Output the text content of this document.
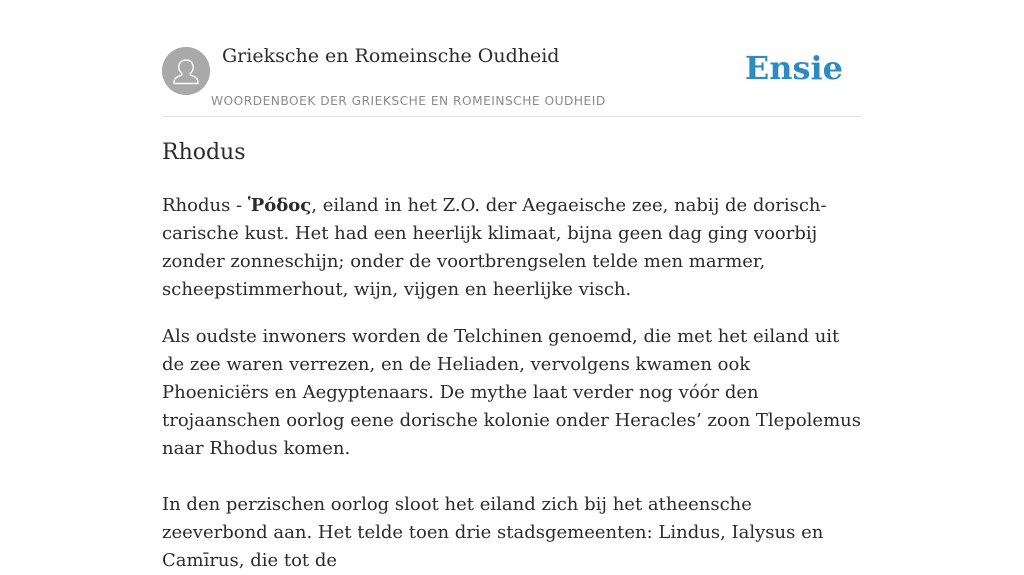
Grieksche en Romeinsche Oudheid
WOORDENBOEK DER GRIEKSCHE EN ROMEINSCHE OUDHEID
Ensie
Rhodus

Rhodus - Ῥόδος, eiland in het Z.O. der Aegaeische zee, nabij de dorisch-carische kust. Het had een heerlijk klimaat, bijna geen dag ging voorbij zonder zonneschijn; onder de voortbrengselen telde men marmer, scheepstimmerhout, wijn, vijgen en heerlijke visch.

Als oudste inwoners worden de Telchinen genoemd, die met het eiland uit de zee waren verrezen, en de Heliaden, vervolgens kwamen ook Phoeniciërs en Aegyptenaars. De mythe laat verder nog vóór den trojaanschen oorlog eene dorische kolonie onder Heracles’ zoon Tlepolemus naar Rhodus komen.

In den perzischen oorlog sloot het eiland zich bij het atheensche zeeverbond aan. Het telde toen drie stadsgemeenten: Lindus, Ialysus en Camīrus, die tot de
